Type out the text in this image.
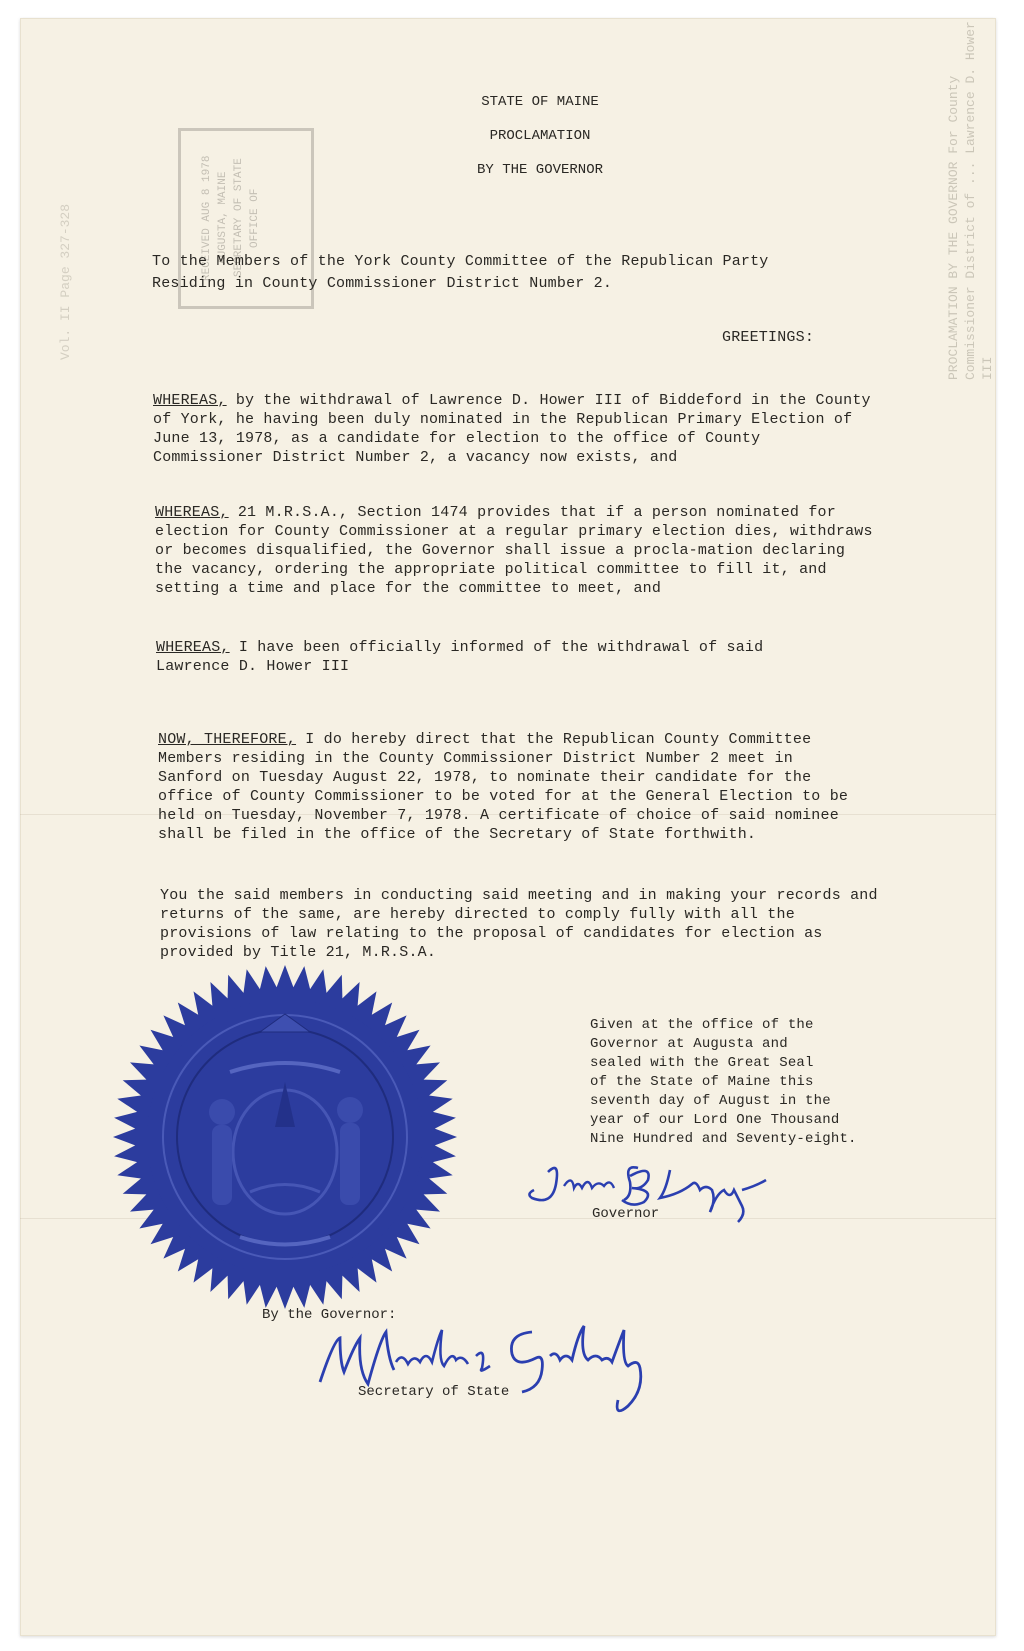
Vol. II Page 327-328	PROCLAMATION BY THE GOVERNOR For County Commissioner District of ... Lawrence D. Hower III
RECEIVED AUG 8 1978 AUGUSTA, MAINE SECRETARY OF STATE OFFICE OF
STATE OF MAINE
PROCLAMATION
BY THE GOVERNOR
To the Members of the York County Committee of the Republican Party
Residing in County Commissioner District Number 2.
GREETINGS:
WHEREAS, by the withdrawal of Lawrence D. Hower III of Biddeford in the County of York, he having been duly nominated in the Republican Primary Election of June 13, 1978, as a candidate for election to the office of County Commissioner District Number 2, a vacancy now exists, and
WHEREAS, 21 M.R.S.A., Section 1474 provides that if a person nominated for election for County Commissioner at a regular primary election dies, withdraws or becomes disqualified, the Governor shall issue a procla-mation declaring the vacancy, ordering the appropriate political committee to fill it, and setting a time and place for the committee to meet, and
WHEREAS, I have been officially informed of the withdrawal of said Lawrence D. Hower III
NOW, THEREFORE, I do hereby direct that the Republican County Committee Members residing in the County Commissioner District Number 2 meet in Sanford on Tuesday August 22, 1978, to nominate their candidate for the office of County Commissioner to be voted for at the General Election to be held on Tuesday, November 7, 1978. A certificate of choice of said nominee shall be filed in the office of the Secretary of State forthwith.
You the said members in conducting said meeting and in making your records and returns of the same, are hereby directed to comply fully with all the provisions of law relating to the proposal of candidates for election as provided by Title 21, M.R.S.A.
Given at the office of the
Governor at Augusta and
sealed with the Great Seal
of the State of Maine this
seventh day of August in the
year of our Lord One Thousand
Nine Hundred and Seventy-eight.
Governor
By the Governor:
Secretary of State
